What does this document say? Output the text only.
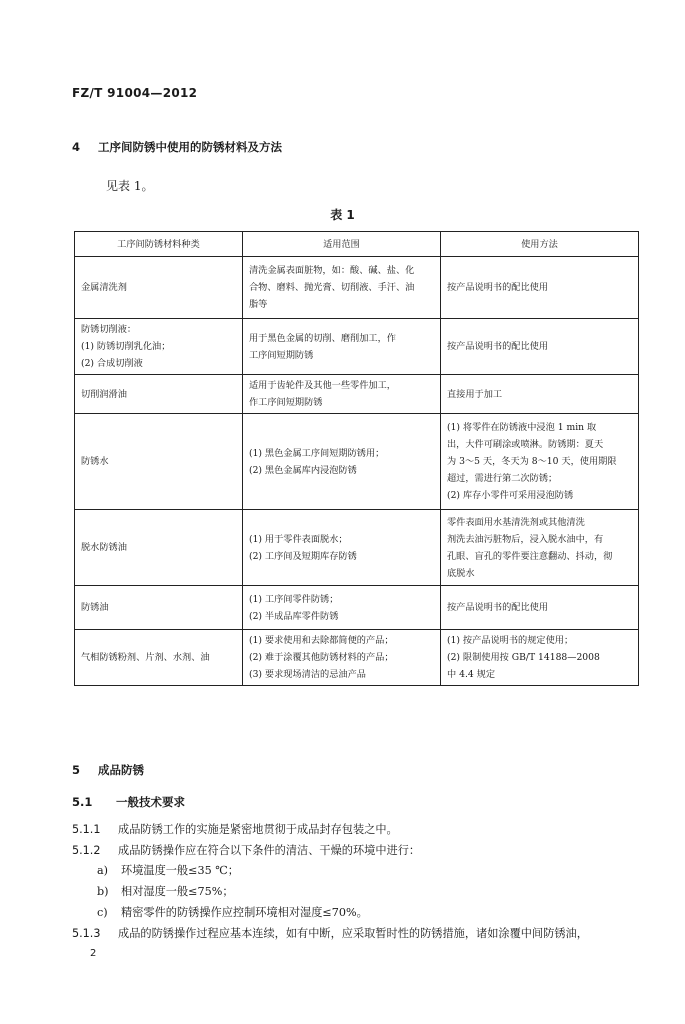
FZ/T 91004—2012
4 工序间防锈中使用的防锈材料及方法
见表 1。
表 1
工序间防锈材料种类	适用范围	使用方法

金属清洗剂	清洗金属表面脏物，如：酸、碱、盐、化
合物、磨料、抛光膏、切削液、手汗、油
脂等	按产品说明书的配比使用

防锈切削液：
(1) 防锈切削乳化油；
(2) 合成切削液	用于黑色金属的切削、磨削加工，作
工序间短期防锈	按产品说明书的配比使用

切削润滑油	适用于齿轮件及其他一些零件加工，
作工序间短期防锈	直接用于加工

防锈水	(1) 黑色金属工序间短期防锈用；
(2) 黑色金属库内浸泡防锈	(1) 将零件在防锈液中浸泡 1 min 取
出，大件可刷涂或喷淋。防锈期：夏天
为 3～5 天，冬天为 8～10 天，使用期限
超过，需进行第二次防锈；
(2) 库存小零件可采用浸泡防锈

脱水防锈油	(1) 用于零件表面脱水；
(2) 工序间及短期库存防锈	零件表面用水基清洗剂或其他清洗
剂洗去油污脏物后，浸入脱水油中，有
孔眼、盲孔的零件要注意翻动、抖动，彻
底脱水

防锈油	(1) 工序间零件防锈；
(2) 半成品库零件防锈	按产品说明书的配比使用

气相防锈粉剂、片剂、水剂、油	(1) 要求使用和去除都简便的产品；
(2) 难于涂覆其他防锈材料的产品；
(3) 要求现场清洁的忌油产品	(1) 按产品说明书的规定使用；
(2) 限制使用按 GB/T 14188—2008
中 4.4 规定
5 成品防锈
5.1 一般技术要求
5.1.1 成品防锈工作的实施是紧密地贯彻于成品封存包装之中。
5.1.2 成品防锈操作应在符合以下条件的清洁、干燥的环境中进行：
a) 环境温度一般≤35 ℃；
b) 相对湿度一般≤75%；
c) 精密零件的防锈操作应控制环境相对湿度≤70%。
5.1.3 成品的防锈操作过程应基本连续，如有中断，应采取暂时性的防锈措施，诸如涂覆中间防锈油，
2
